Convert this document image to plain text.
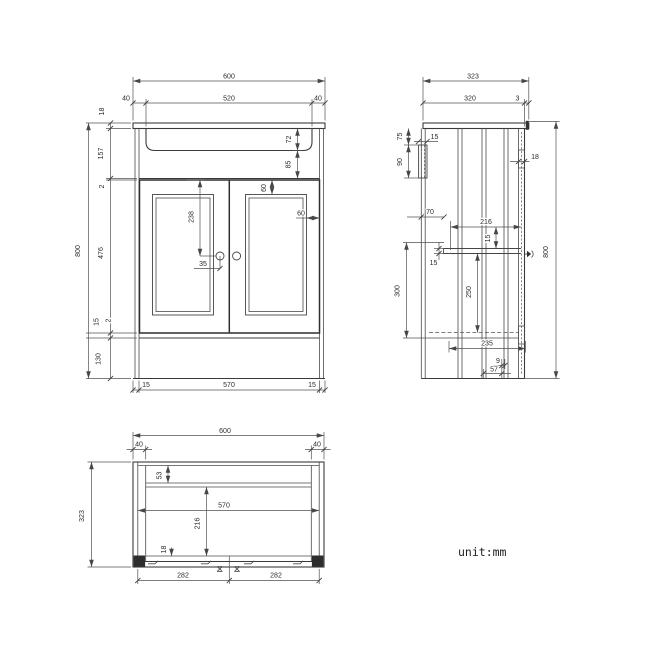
600
40	520	40
18
157
2
476
15 2
130
800
72
85
238
35
60
60
15	570	15
323
320	3
75
90
15
70
216
15
15
300	250
235
9
57
800
18
600
40	40
323
53
570
216
18
282	282
unit:mm
